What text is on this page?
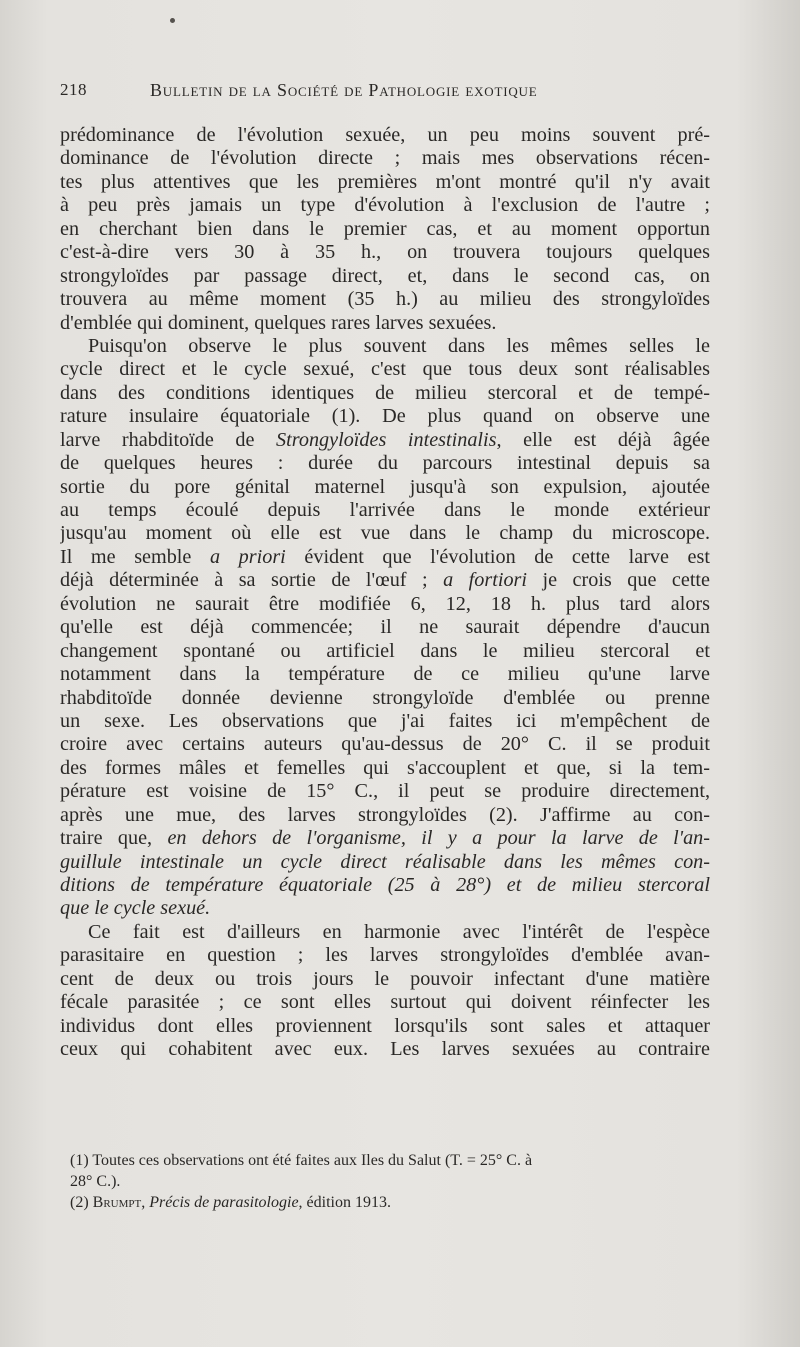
218	Bulletin de la Société de Pathologie exotique
prédominance de l'évolution sexuée, un peu moins souvent pré-
dominance de l'évolution directe ; mais mes observations récen-
tes plus attentives que les premières m'ont montré qu'il n'y avait
à peu près jamais un type d'évolution à l'exclusion de l'autre ;
en cherchant bien dans le premier cas, et au moment opportun
c'est-à-dire vers 30 à 35 h., on trouvera toujours quelques
strongyloïdes par passage direct, et, dans le second cas, on
trouvera au même moment (35 h.) au milieu des strongyloïdes
d'emblée qui dominent, quelques rares larves sexuées.
Puisqu'on observe le plus souvent dans les mêmes selles le
cycle direct et le cycle sexué, c'est que tous deux sont réalisables
dans des conditions identiques de milieu stercoral et de tempé-
rature insulaire équatoriale (1). De plus quand on observe une
larve rhabditoïde de Strongyloïdes intestinalis, elle est déjà âgée
de quelques heures : durée du parcours intestinal depuis sa
sortie du pore génital maternel jusqu'à son expulsion, ajoutée
au temps écoulé depuis l'arrivée dans le monde extérieur
jusqu'au moment où elle est vue dans le champ du microscope.
Il me semble a priori évident que l'évolution de cette larve est
déjà déterminée à sa sortie de l'œuf ; a fortiori je crois que cette
évolution ne saurait être modifiée 6, 12, 18 h. plus tard alors
qu'elle est déjà commencée; il ne saurait dépendre d'aucun
changement spontané ou artificiel dans le milieu stercoral et
notamment dans la température de ce milieu qu'une larve
rhabditoïde donnée devienne strongyloïde d'emblée ou prenne
un sexe. Les observations que j'ai faites ici m'empêchent de
croire avec certains auteurs qu'au-dessus de 20° C. il se produit
des formes mâles et femelles qui s'accouplent et que, si la tem-
pérature est voisine de 15° C., il peut se produire directement,
après une mue, des larves strongyloïdes (2). J'affirme au con-
traire que, en dehors de l'organisme, il y a pour la larve de l'an-
guillule intestinale un cycle direct réalisable dans les mêmes con-
ditions de température équatoriale (25 à 28°) et de milieu stercoral
que le cycle sexué.
Ce fait est d'ailleurs en harmonie avec l'intérêt de l'espèce
parasitaire en question ; les larves strongyloïdes d'emblée avan-
cent de deux ou trois jours le pouvoir infectant d'une matière
fécale parasitée ; ce sont elles surtout qui doivent réinfecter les
individus dont elles proviennent lorsqu'ils sont sales et attaquer
ceux qui cohabitent avec eux. Les larves sexuées au contraire
(1) Toutes ces observations ont été faites aux Iles du Salut (T. = 25° C. à
28° C.).
(2) Brumpt, Précis de parasitologie, édition 1913.
